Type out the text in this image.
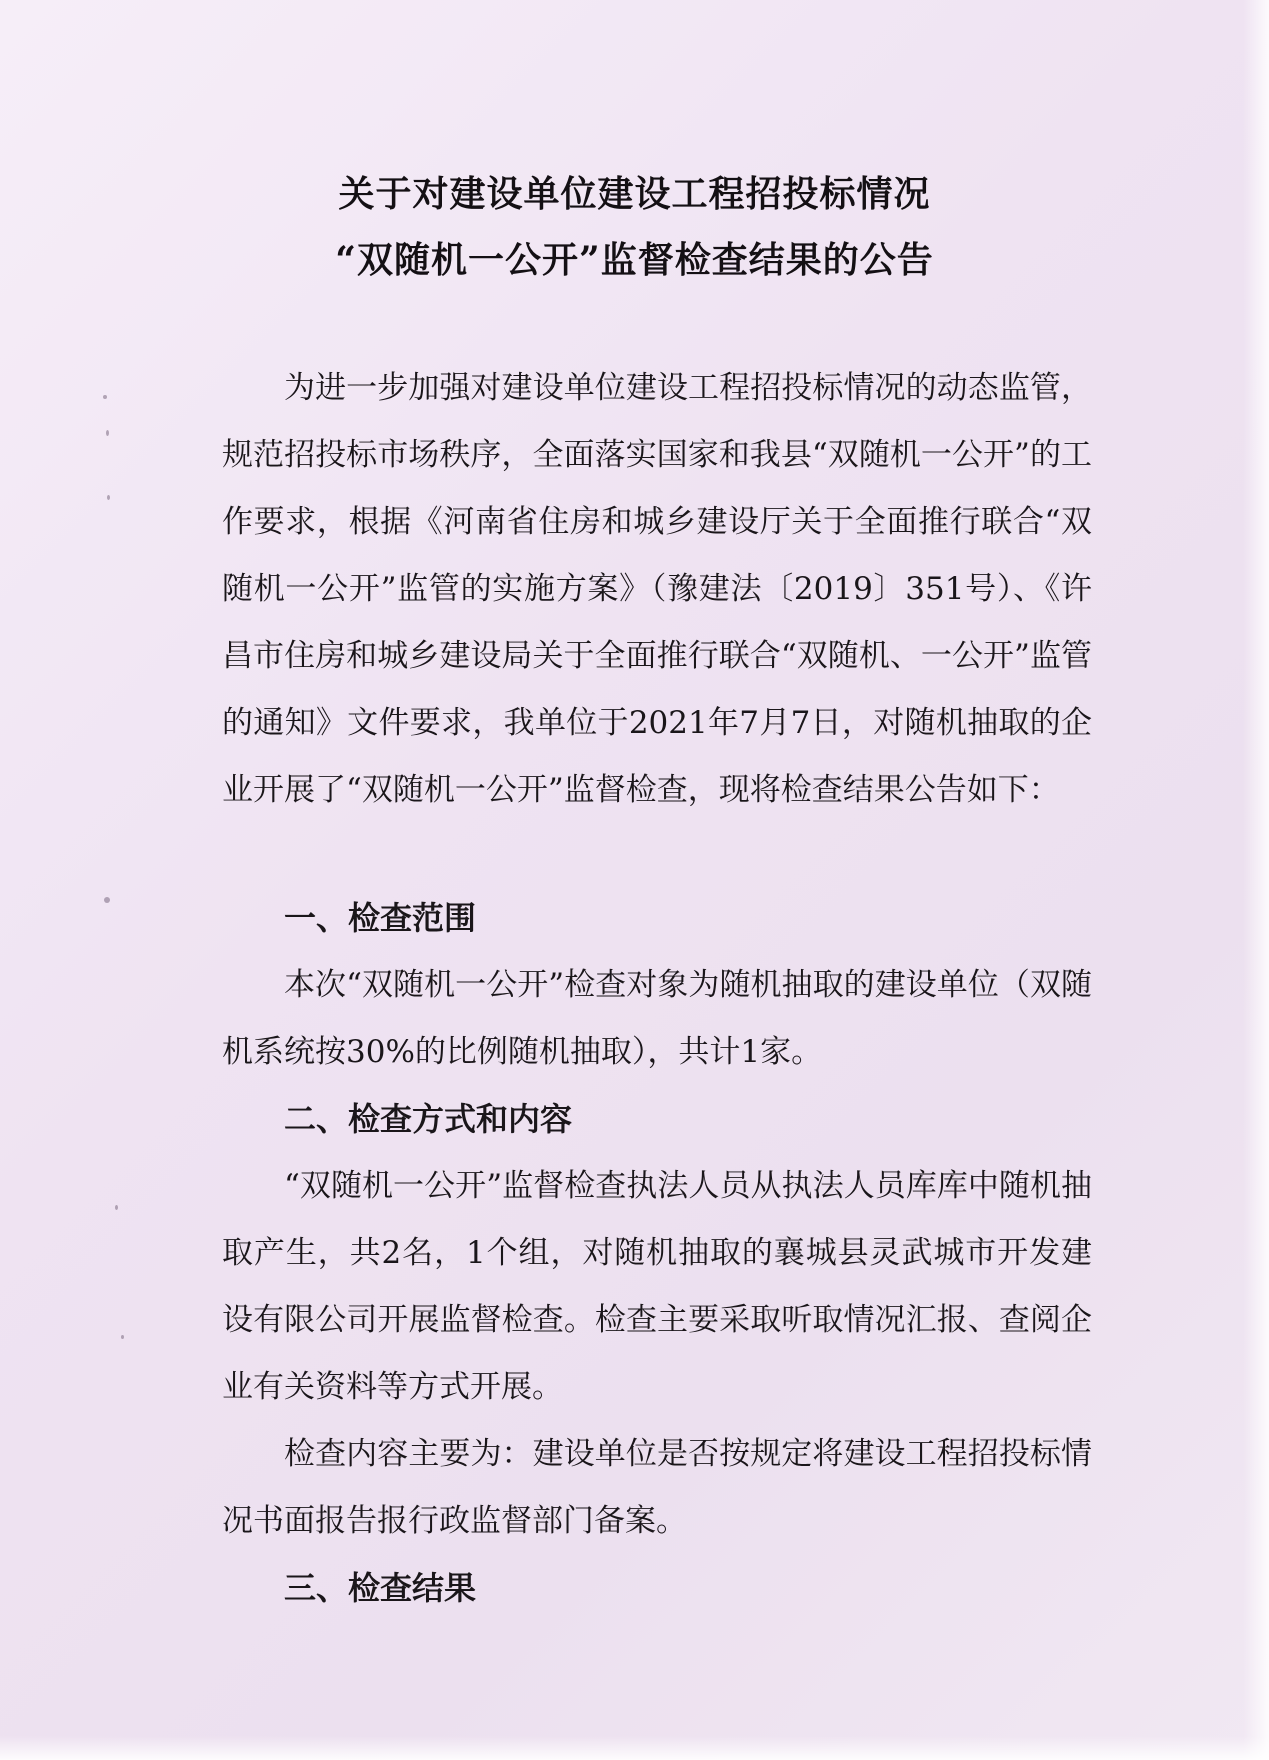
关于对建设单位建设工程招投标情况
“双随机一公开”监督检查结果的公告

为进一步加强对建设单位建设工程招投标情况的动态监管，规范招投标市场秩序，全面落实国家和我县“双随机一公开”的工作要求，根据《河南省住房和城乡建设厅关于全面推行联合“双随机一公开”监管的实施方案》（豫建法〔2019〕351号）、《许昌市住房和城乡建设局关于全面推行联合“双随机、一公开”监管的通知》文件要求，我单位于2021年7月7日，对随机抽取的企业开展了“双随机一公开”监督检查，现将检查结果公告如下：

一、检查范围

本次“双随机一公开”检查对象为随机抽取的建设单位（双随机系统按30%的比例随机抽取），共计1家。

二、检查方式和内容

“双随机一公开”监督检查执法人员从执法人员库库中随机抽取产生，共2名，1个组，对随机抽取的襄城县灵武城市开发建设有限公司开展监督检查。检查主要采取听取情况汇报、查阅企业有关资料等方式开展。

检查内容主要为：建设单位是否按规定将建设工程招投标情况书面报告报行政监督部门备案。

三、检查结果
